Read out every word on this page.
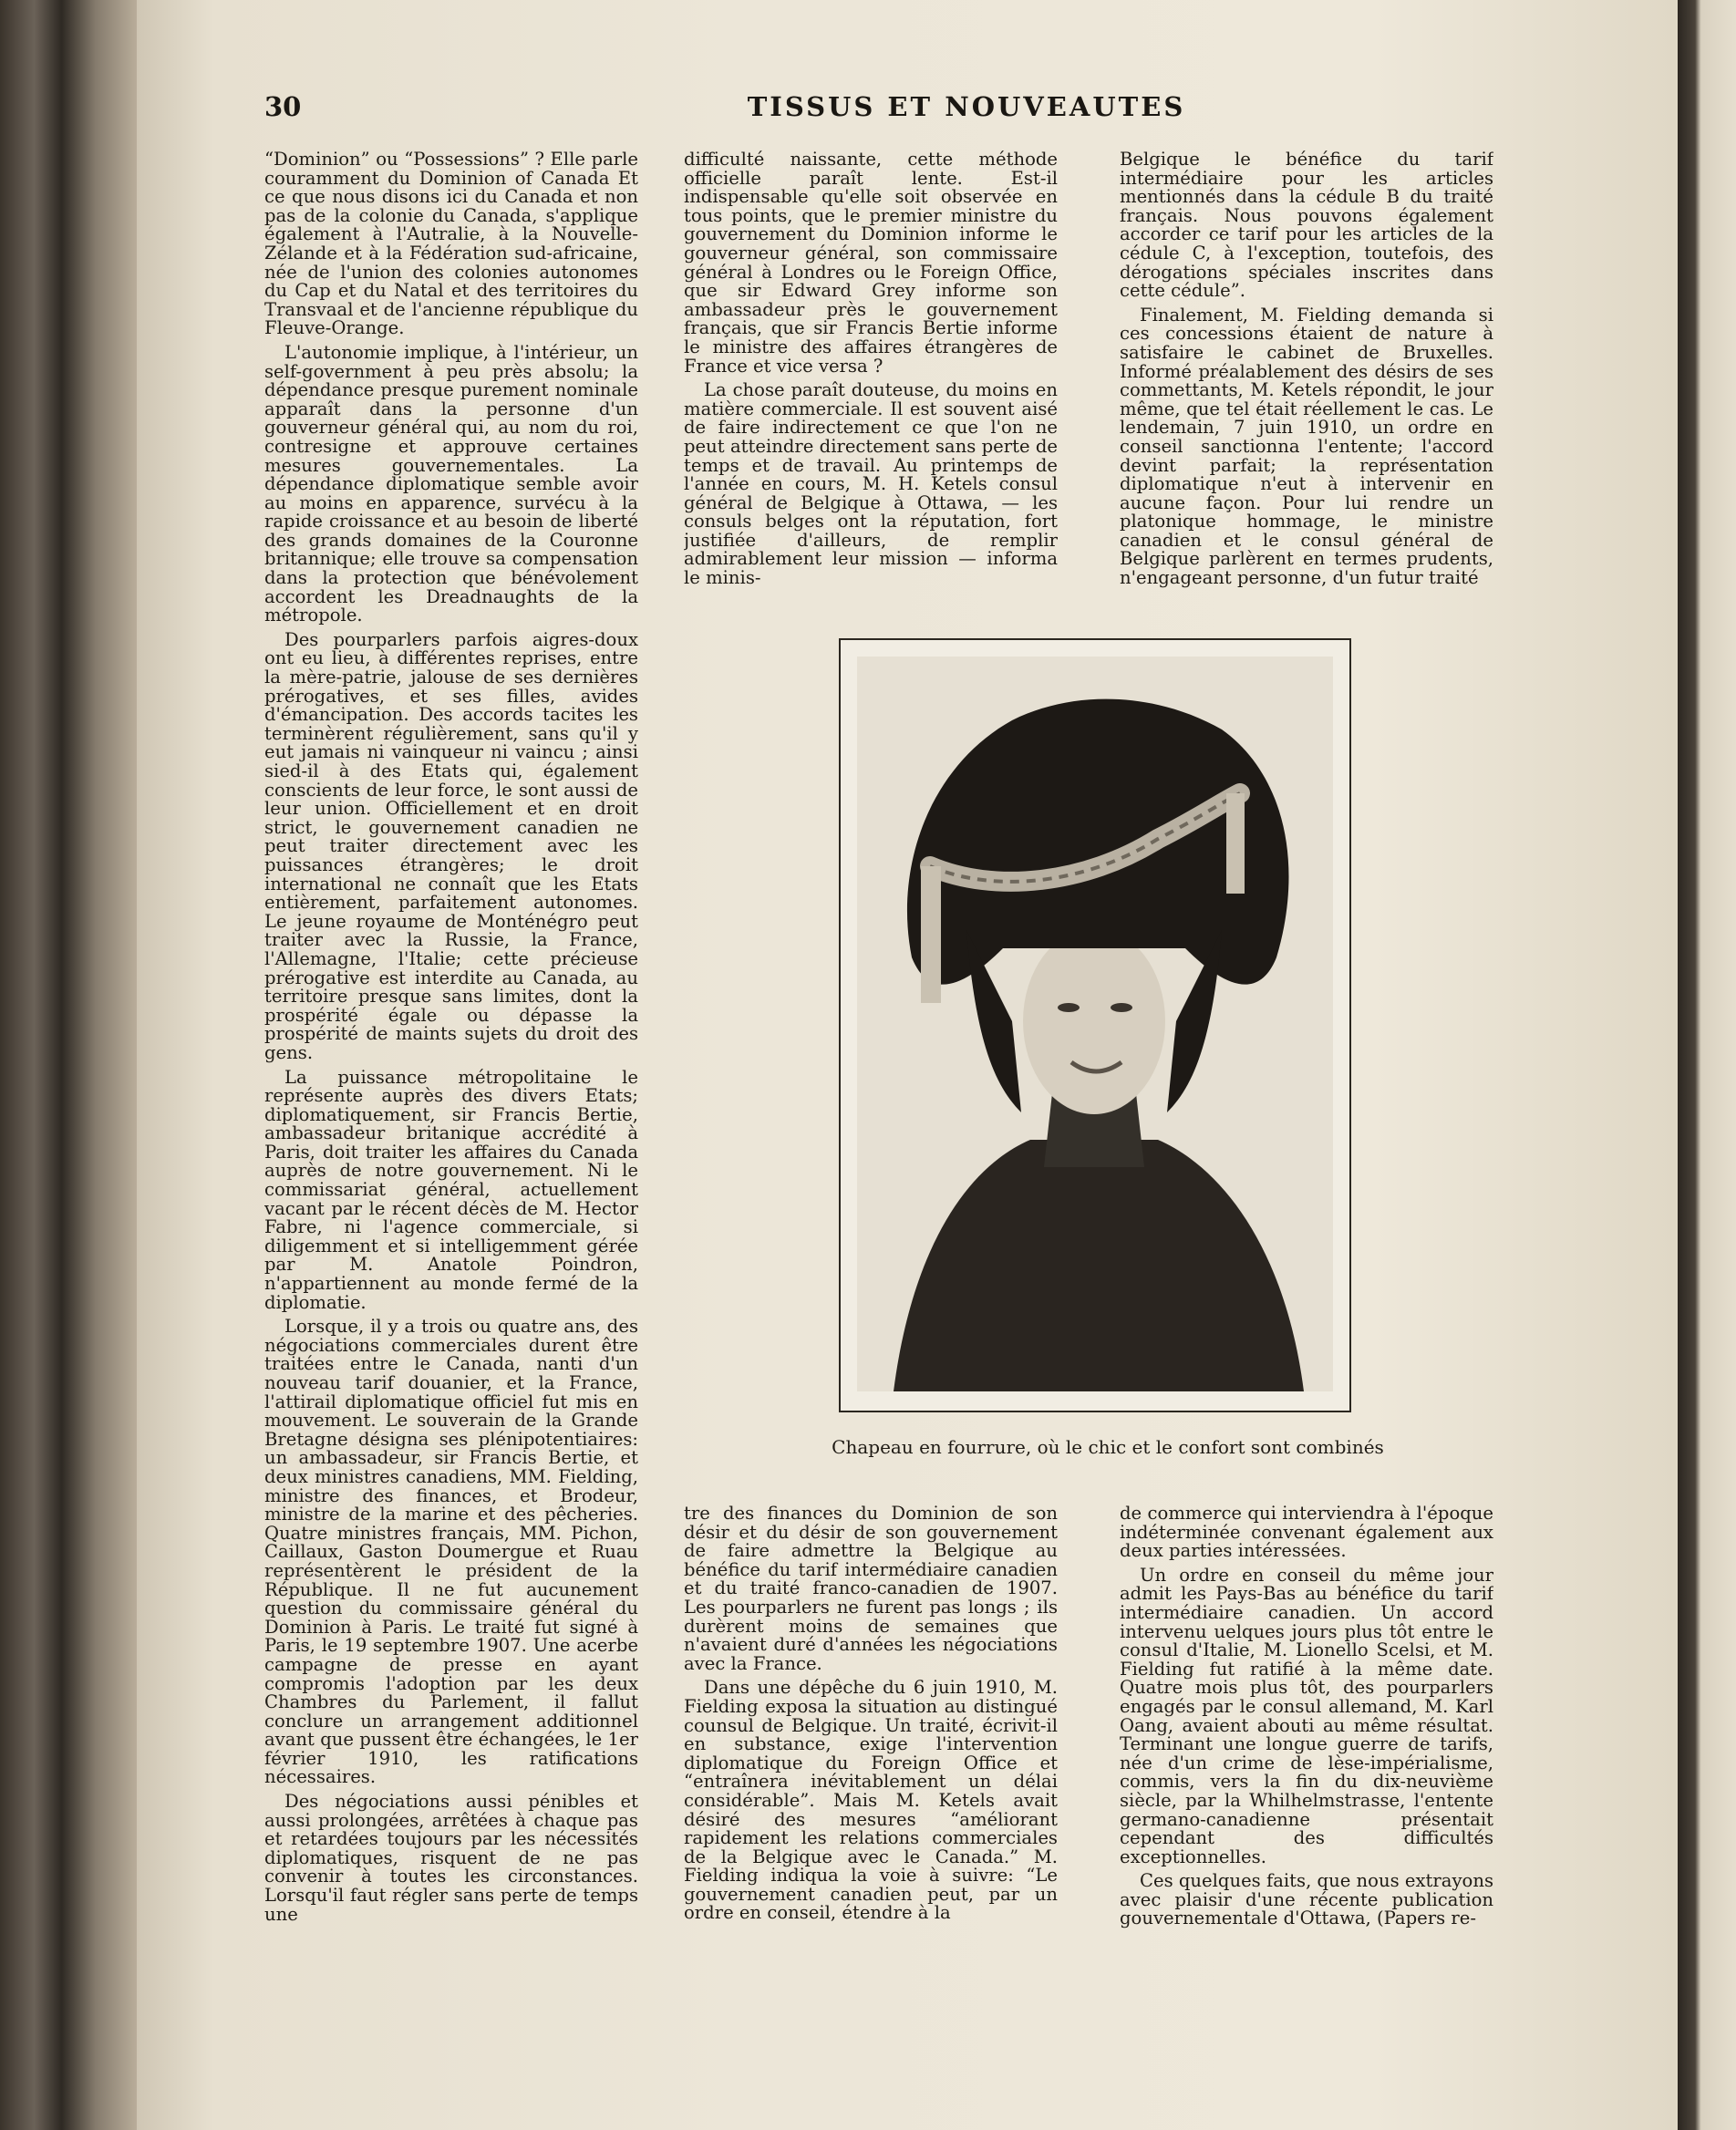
30	TISSUS ET NOUVEAUTES

“Dominion” ou “Possessions” ? Elle parle couramment du Dominion of Canada Et ce que nous disons ici du Canada et non pas de la colonie du Canada, s'applique également à l'Autralie, à la Nouvelle-Zélande et à la Fédération sud-africaine, née de l'union des colonies autonomes du Cap et du Natal et des territoires du Transvaal et de l'ancienne république du Fleuve-Orange.

L'autonomie implique, à l'intérieur, un self-government à peu près absolu; la dépendance presque purement nominale apparaît dans la personne d'un gouverneur général qui, au nom du roi, contresigne et approuve certaines mesures gouvernementales. La dépendance diplomatique semble avoir au moins en apparence, survécu à la rapide croissance et au besoin de liberté des grands domaines de la Couronne britannique; elle trouve sa compensation dans la protection que bénévolement accordent les Dreadnaughts de la métropole.

Des pourparlers parfois aigres-doux ont eu lieu, à différentes reprises, entre la mère-patrie, jalouse de ses dernières prérogatives, et ses filles, avides d'émancipation. Des accords tacites les terminèrent régulièrement, sans qu'il y eut jamais ni vainqueur ni vaincu ; ainsi sied-il à des Etats qui, également conscients de leur force, le sont aussi de leur union. Officiellement et en droit strict, le gouvernement canadien ne peut traiter directement avec les puissances étrangères; le droit international ne connaît que les Etats entièrement, parfaitement autonomes. Le jeune royaume de Monténégro peut traiter avec la Russie, la France, l'Allemagne, l'Italie; cette précieuse prérogative est interdite au Canada, au territoire presque sans limites, dont la prospérité égale ou dépasse la prospérité de maints sujets du droit des gens.

La puissance métropolitaine le représente auprès des divers Etats; diplomatiquement, sir Francis Bertie, ambassadeur britanique accrédité à Paris, doit traiter les affaires du Canada auprès de notre gouvernement. Ni le commissariat général, actuellement vacant par le récent décès de M. Hector Fabre, ni l'agence commerciale, si diligemment et si intelligemment gérée par M. Anatole Poindron, n'appartiennent au monde fermé de la diplomatie.

Lorsque, il y a trois ou quatre ans, des négociations commerciales durent être traitées entre le Canada, nanti d'un nouveau tarif douanier, et la France, l'attirail diplomatique officiel fut mis en mouvement. Le souverain de la Grande Bretagne désigna ses plénipotentiaires: un ambassadeur, sir Francis Bertie, et deux ministres canadiens, MM. Fielding, ministre des finances, et Brodeur, ministre de la marine et des pêcheries. Quatre ministres français, MM. Pichon, Caillaux, Gaston Doumergue et Ruau représentèrent le président de la République. Il ne fut aucunement question du commissaire général du Dominion à Paris. Le traité fut signé à Paris, le 19 septembre 1907. Une acerbe campagne de presse en ayant compromis l'adoption par les deux Chambres du Parlement, il fallut conclure un arrangement additionnel avant que pussent être échangées, le 1er février 1910, les ratifications nécessaires.

Des négociations aussi pénibles et aussi prolongées, arrêtées à chaque pas et retardées toujours par les nécessités diplomatiques, risquent de ne pas convenir à toutes les circonstances. Lorsqu'il faut régler sans perte de temps une

difficulté naissante, cette méthode officielle paraît lente. Est-il indispensable qu'elle soit observée en tous points, que le premier ministre du gouvernement du Dominion informe le gouverneur général, son commissaire général à Londres ou le Foreign Office, que sir Edward Grey informe son ambassadeur près le gouvernement français, que sir Francis Bertie informe le ministre des affaires étrangères de France et vice versa ?

La chose paraît douteuse, du moins en matière commerciale. Il est souvent aisé de faire indirectement ce que l'on ne peut atteindre directement sans perte de temps et de travail. Au printemps de l'année en cours, M. H. Ketels consul général de Belgique à Ottawa, — les consuls belges ont la réputation, fort justifiée d'ailleurs, de remplir admirablement leur mission — informa le minis-

Belgique le bénéfice du tarif intermédiaire pour les articles mentionnés dans la cédule B du traité français. Nous pouvons également accorder ce tarif pour les articles de la cédule C, à l'exception, toutefois, des dérogations spéciales inscrites dans cette cédule”.

Finalement, M. Fielding demanda si ces concessions étaient de nature à satisfaire le cabinet de Bruxelles. Informé préalablement des désirs de ses commettants, M. Ketels répondit, le jour même, que tel était réellement le cas. Le lendemain, 7 juin 1910, un ordre en conseil sanctionna l'entente; l'accord devint parfait; la représentation diplomatique n'eut à intervenir en aucune façon. Pour lui rendre un platonique hommage, le ministre canadien et le consul général de Belgique parlèrent en termes prudents, n'engageant personne, d'un futur traité

Chapeau en fourrure, où le chic et le confort sont combinés

tre des finances du Dominion de son désir et du désir de son gouvernement de faire admettre la Belgique au bénéfice du tarif intermédiaire canadien et du traité franco-canadien de 1907. Les pourparlers ne furent pas longs ; ils durèrent moins de semaines que n'avaient duré d'années les négociations avec la France.

Dans une dépêche du 6 juin 1910, M. Fielding exposa la situation au distingué counsul de Belgique. Un traité, écrivit-il en substance, exige l'intervention diplomatique du Foreign Office et “entraînera inévitablement un délai considérable”. Mais M. Ketels avait désiré des mesures “améliorant rapidement les relations commerciales de la Belgique avec le Canada.” M. Fielding indiqua la voie à suivre: “Le gouvernement canadien peut, par un ordre en conseil, étendre à la

de commerce qui interviendra à l'époque indéterminée convenant également aux deux parties intéressées.

Un ordre en conseil du même jour admit les Pays-Bas au bénéfice du tarif intermédiaire canadien. Un accord intervenu uelques jours plus tôt entre le consul d'Italie, M. Lionello Scelsi, et M. Fielding fut ratifié à la même date. Quatre mois plus tôt, des pourparlers engagés par le consul allemand, M. Karl Oang, avaient abouti au même résultat. Terminant une longue guerre de tarifs, née d'un crime de lèse-impérialisme, commis, vers la fin du dix-neuvième siècle, par la Whilhelmstrasse, l'entente germano-canadienne présentait cependant des difficultés exceptionnelles.

Ces quelques faits, que nous extrayons avec plaisir d'une récente publication gouvernementale d'Ottawa, (Papers re-
